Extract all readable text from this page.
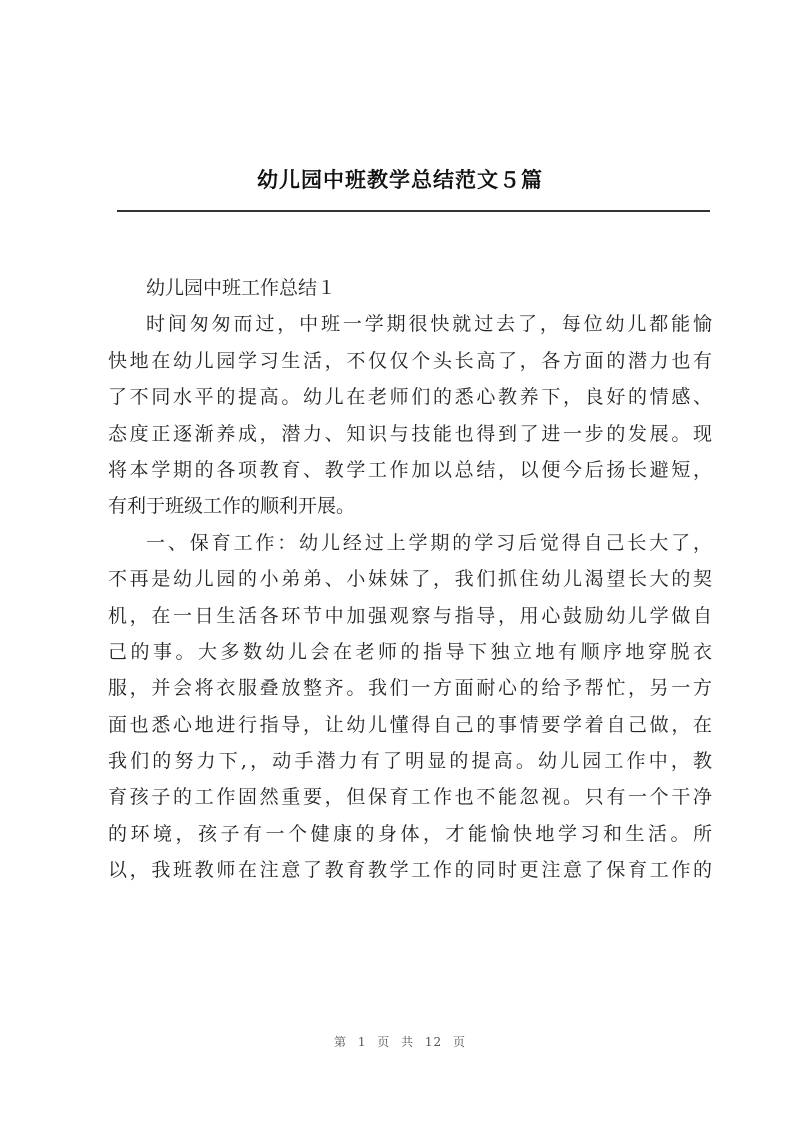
幼儿园中班教学总结范文５篇
幼儿园中班工作总结１
时间匆匆而过，中班一学期很快就过去了，每位幼儿都能愉
快地在幼儿园学习生活，不仅仅个头长高了，各方面的潜力也有
了不同水平的提高。幼儿在老师们的悉心教养下，良好的情感、
态度正逐渐养成，潜力、知识与技能也得到了进一步的发展。现
将本学期的各项教育、教学工作加以总结，以便今后扬长避短，
有利于班级工作的顺利开展。
一、保育工作：幼儿经过上学期的学习后觉得自己长大了，
不再是幼儿园的小弟弟、小妹妹了，我们抓住幼儿渴望长大的契
机，在一日生活各环节中加强观察与指导，用心鼓励幼儿学做自
己的事。大多数幼儿会在老师的指导下独立地有顺序地穿脱衣
服，并会将衣服叠放整齐。我们一方面耐心的给予帮忙，另一方
面也悉心地进行指导，让幼儿懂得自己的事情要学着自己做，在
我们的努力下,，动手潜力有了明显的提高。幼儿园工作中，教
育孩子的工作固然重要，但保育工作也不能忽视。只有一个干净
的环境，孩子有一个健康的身体，才能愉快地学习和生活。所
以，我班教师在注意了教育教学工作的同时更注意了保育工作的
第 1 页 共 12 页
